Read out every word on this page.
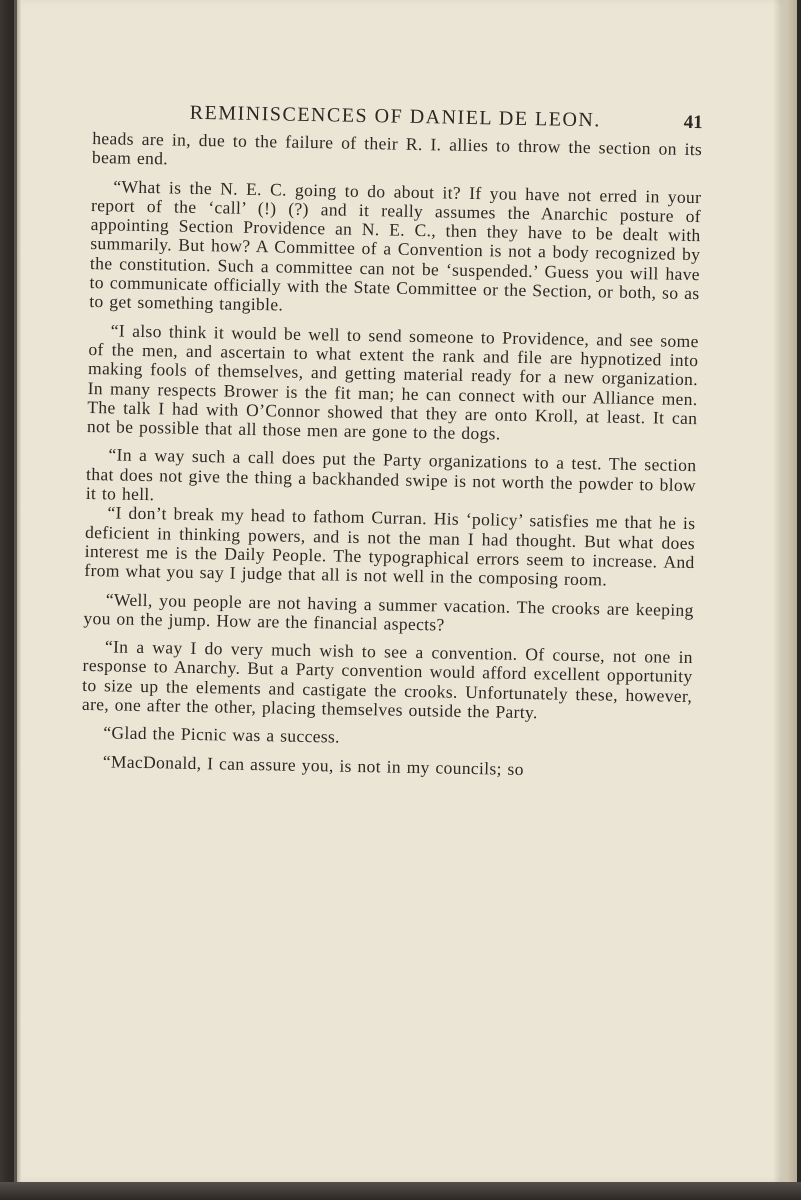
REMINISCENCES OF DANIEL DE LEON.	41

heads are in, due to the failure of their R. I. allies to throw the section on its beam end.

“What is the N. E. C. going to do about it? If you have not erred in your report of the ‘call’ (!) (?) and it really assumes the Anarchic posture of appointing Section Providence an N. E. C., then they have to be dealt with summarily. But how? A Committee of a Convention is not a body recognized by the constitution. Such a committee can not be ‘suspended.’ Guess you will have to communicate officially with the State Committee or the Section, or both, so as to get something tangible.

“I also think it would be well to send someone to Providence, and see some of the men, and ascertain to what extent the rank and file are hypnotized into making fools of themselves, and getting material ready for a new organization. In many respects Brower is the fit man; he can connect with our Alliance men. The talk I had with O’Connor showed that they are onto Kroll, at least. It can not be possible that all those men are gone to the dogs.

“In a way such a call does put the Party organizations to a test. The section that does not give the thing a backhanded swipe is not worth the powder to blow it to hell.

“I don’t break my head to fathom Curran. His ‘policy’ satisfies me that he is deficient in thinking powers, and is not the man I had thought. But what does interest me is the Daily People. The typographical errors seem to increase. And from what you say I judge that all is not well in the composing room.

“Well, you people are not having a summer vacation. The crooks are keeping you on the jump. How are the financial aspects?

“In a way I do very much wish to see a convention. Of course, not one in response to Anarchy. But a Party convention would afford excellent opportunity to size up the elements and castigate the crooks. Unfortunately these, however, are, one after the other, placing themselves outside the Party.

“Glad the Picnic was a success.

“MacDonald, I can assure you, is not in my councils; so
